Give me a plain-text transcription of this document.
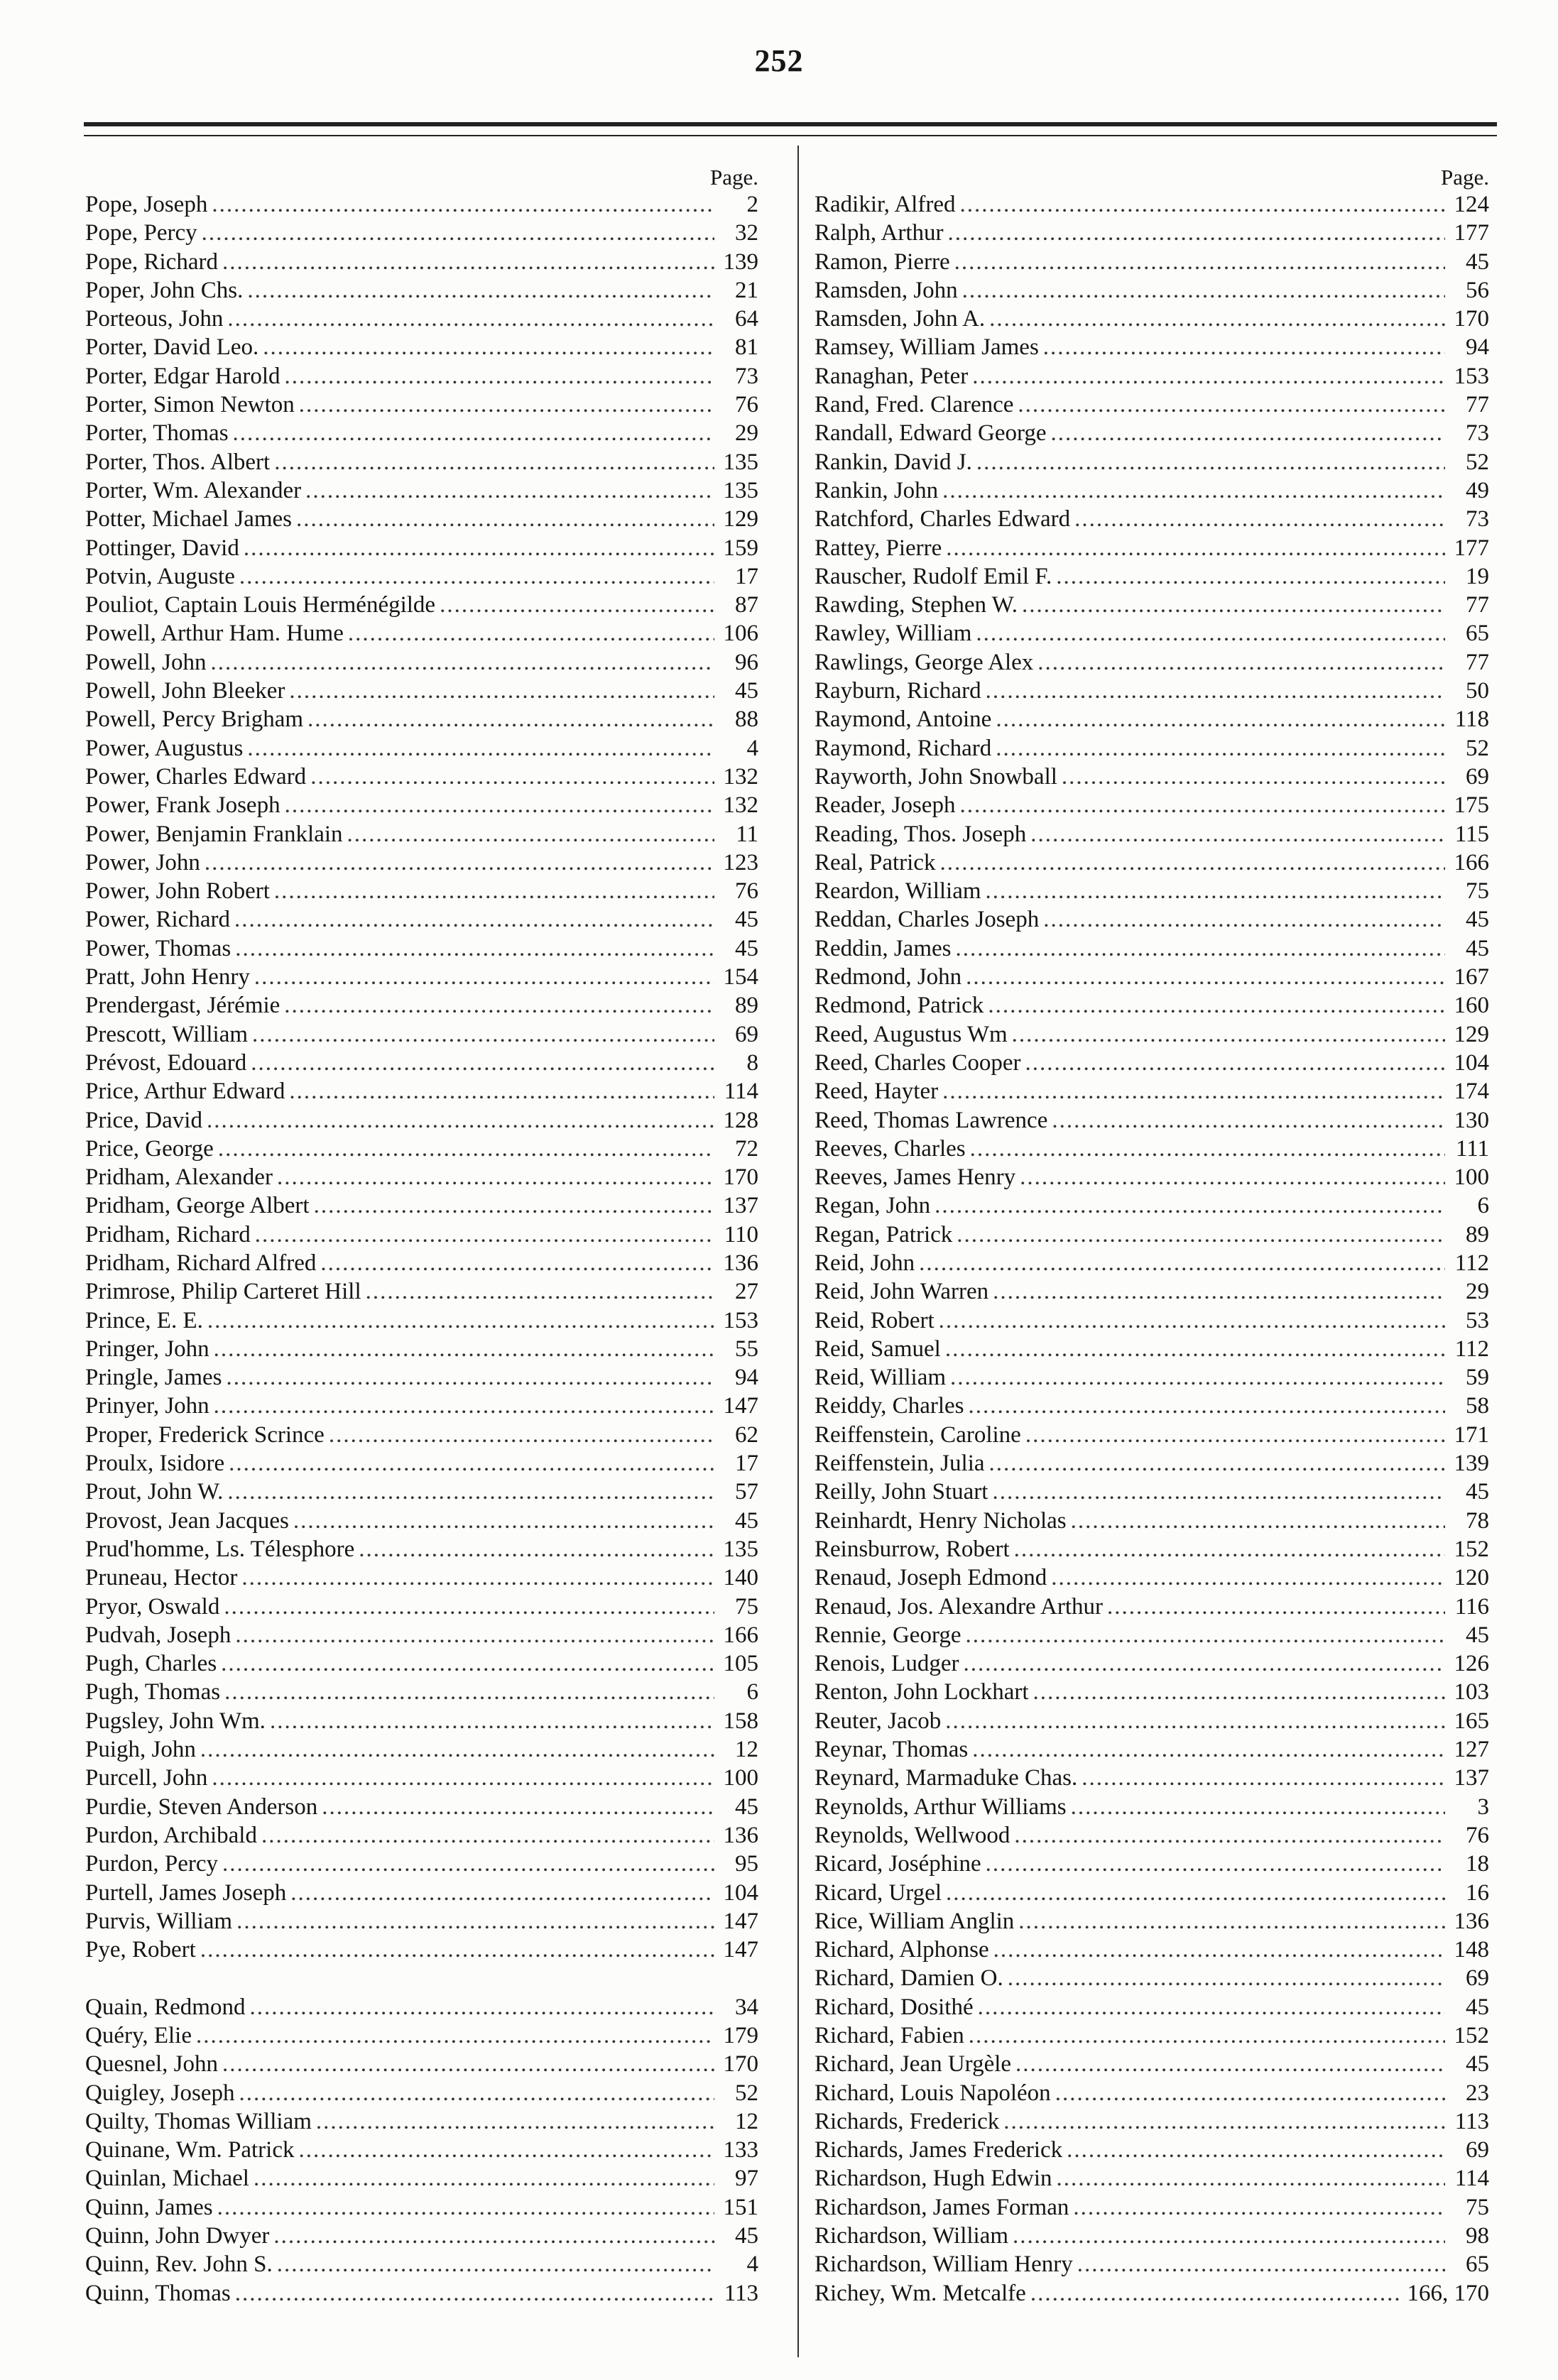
252
Page.
Pope, Joseph .....	2
Pope, Percy .....	32
Pope, Richard .....	139
Poper, John Chs. .....	21
Porteous, John .....	64
Porter, David Leo. .....	81
Porter, Edgar Harold .....	73
Porter, Simon Newton .....	76
Porter, Thomas .....	29
Porter, Thos. Albert .....	135
Porter, Wm. Alexander .....	135
Potter, Michael James .....	129
Pottinger, David .....	159
Potvin, Auguste .....	17
Pouliot, Captain Louis Herménégilde .....	87
Powell, Arthur Ham. Hume .....	106
Powell, John .....	96
Powell, John Bleeker .....	45
Powell, Percy Brigham .....	88
Power, Augustus .....	4
Power, Charles Edward .....	132
Power, Frank Joseph .....	132
Power, Benjamin Franklain .....	11
Power, John .....	123
Power, John Robert .....	76
Power, Richard .....	45
Power, Thomas .....	45
Pratt, John Henry .....	154
Prendergast, Jérémie .....	89
Prescott, William .....	69
Prévost, Edouard .....	8
Price, Arthur Edward .....	114
Price, David .....	128
Price, George .....	72
Pridham, Alexander .....	170
Pridham, George Albert .....	137
Pridham, Richard .....	110
Pridham, Richard Alfred .....	136
Primrose, Philip Carteret Hill .....	27
Prince, E. E. .....	153
Pringer, John .....	55
Pringle, James .....	94
Prinyer, John .....	147
Proper, Frederick Scrince .....	62
Proulx, Isidore .....	17
Prout, John W. .....	57
Provost, Jean Jacques .....	45
Prud'homme, Ls. Télesphore .....	135
Pruneau, Hector .....	140
Pryor, Oswald .....	75
Pudvah, Joseph .....	166
Pugh, Charles .....	105
Pugh, Thomas .....	6
Pugsley, John Wm. .....	158
Puigh, John .....	12
Purcell, John .....	100
Purdie, Steven Anderson .....	45
Purdon, Archibald .....	136
Purdon, Percy .....	95
Purtell, James Joseph .....	104
Purvis, William .....	147
Pye, Robert .....	147
Quain, Redmond .....	34
Quéry, Elie .....	179
Quesnel, John .....	170
Quigley, Joseph .....	52
Quilty, Thomas William .....	12
Quinane, Wm. Patrick .....	133
Quinlan, Michael .....	97
Quinn, James .....	151
Quinn, John Dwyer .....	45
Quinn, Rev. John S. .....	4
Quinn, Thomas .....	113
Page.
Radikir, Alfred .....	124
Ralph, Arthur .....	177
Ramon, Pierre .....	45
Ramsden, John .....	56
Ramsden, John A. .....	170
Ramsey, William James .....	94
Ranaghan, Peter .....	153
Rand, Fred. Clarence .....	77
Randall, Edward George .....	73
Rankin, David J. .....	52
Rankin, John .....	49
Ratchford, Charles Edward .....	73
Rattey, Pierre .....	177
Rauscher, Rudolf Emil F. .....	19
Rawding, Stephen W. .....	77
Rawley, William .....	65
Rawlings, George Alex .....	77
Rayburn, Richard .....	50
Raymond, Antoine .....	118
Raymond, Richard .....	52
Rayworth, John Snowball .....	69
Reader, Joseph .....	175
Reading, Thos. Joseph .....	115
Real, Patrick .....	166
Reardon, William .....	75
Reddan, Charles Joseph .....	45
Reddin, James .....	45
Redmond, John .....	167
Redmond, Patrick .....	160
Reed, Augustus Wm .....	129
Reed, Charles Cooper .....	104
Reed, Hayter .....	174
Reed, Thomas Lawrence .....	130
Reeves, Charles .....	111
Reeves, James Henry .....	100
Regan, John .....	6
Regan, Patrick .....	89
Reid, John .....	112
Reid, John Warren .....	29
Reid, Robert .....	53
Reid, Samuel .....	112
Reid, William .....	59
Reiddy, Charles .....	58
Reiffenstein, Caroline .....	171
Reiffenstein, Julia .....	139
Reilly, John Stuart .....	45
Reinhardt, Henry Nicholas .....	78
Reinsburrow, Robert .....	152
Renaud, Joseph Edmond .....	120
Renaud, Jos. Alexandre Arthur .....	116
Rennie, George .....	45
Renois, Ludger .....	126
Renton, John Lockhart .....	103
Reuter, Jacob .....	165
Reynar, Thomas .....	127
Reynard, Marmaduke Chas. .....	137
Reynolds, Arthur Williams .....	3
Reynolds, Wellwood .....	76
Ricard, Joséphine .....	18
Ricard, Urgel .....	16
Rice, William Anglin .....	136
Richard, Alphonse .....	148
Richard, Damien O. .....	69
Richard, Dosithé .....	45
Richard, Fabien .....	152
Richard, Jean Urgèle .....	45
Richard, Louis Napoléon .....	23
Richards, Frederick .....	113
Richards, James Frederick .....	69
Richardson, Hugh Edwin .....	114
Richardson, James Forman .....	75
Richardson, William .....	98
Richardson, William Henry .....	65
Richey, Wm. Metcalfe .....	166, 170
